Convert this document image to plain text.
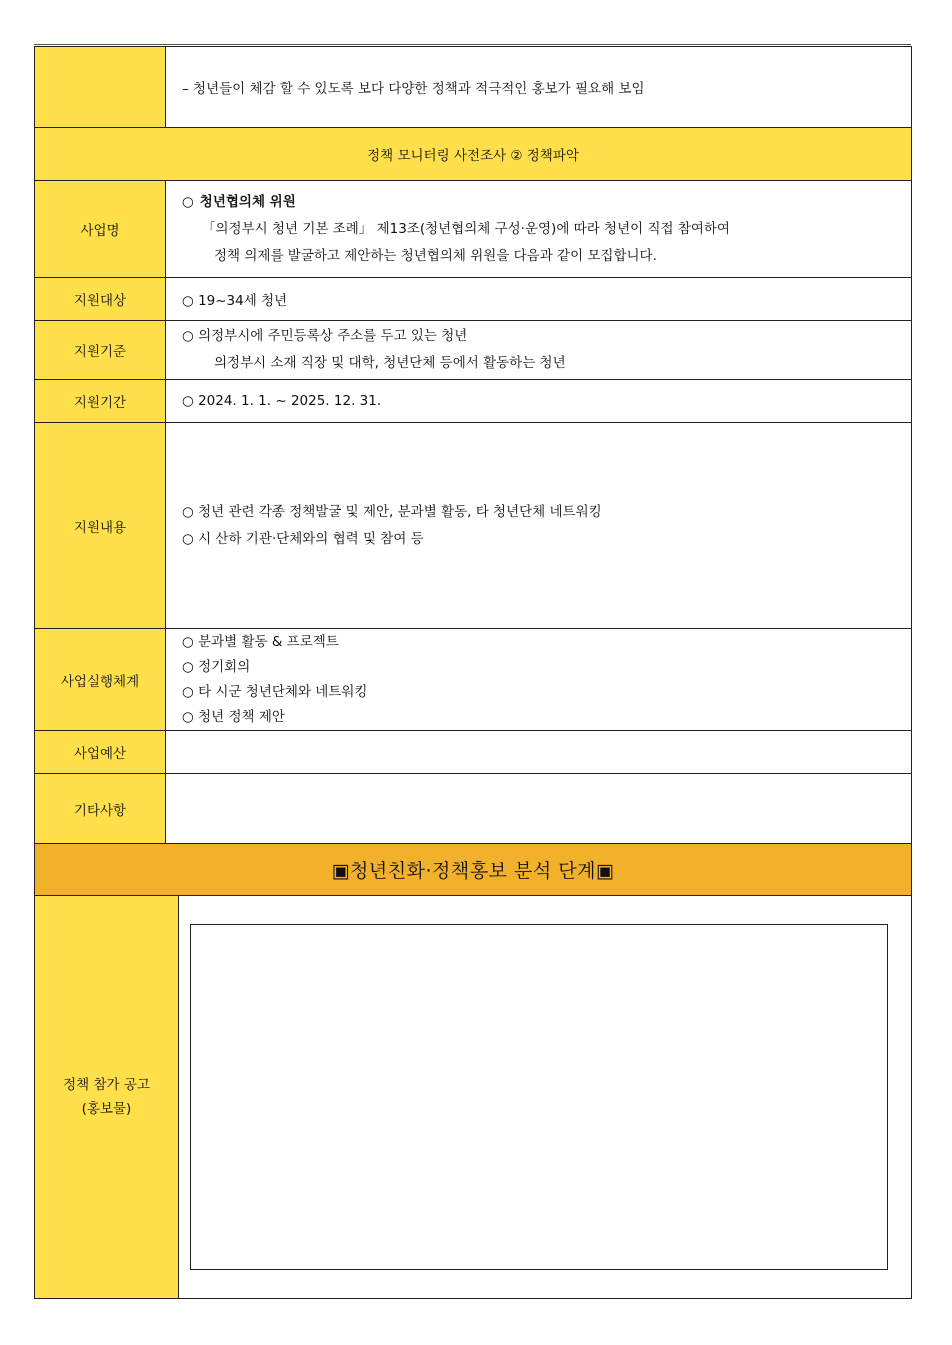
	– 청년들이 체감 할 수 있도록 보다 다양한 정책과 적극적인 홍보가 필요해 보임
정책 모니터링 사전조사 ② 정책파악	
사업명	○ 청년협의체 위원
「의정부시 청년 기본 조례」 제13조(청년협의체 구성·운영)에 따라 청년이 직접 참여하여
정책 의제를 발굴하고 제안하는 청년협의체 위원을 다음과 같이 모집합니다.

지원대상	○ 19~34세 청년
지원기준	○ 의정부시에 주민등록상 주소를 두고 있는 청년
의정부시 소재 직장 및 대학, 청년단체 등에서 활동하는 청년

지원기간	○ 2024. 1. 1. ~ 2025. 12. 31.
지원내용	○ 청년 관련 각종 정책발굴 및 제안, 분과별 활동, 타 청년단체 네트워킹
○ 시 산하 기관·단체와의 협력 및 참여 등

사업실행체계	○ 분과별 활동 & 프로젝트
○ 정기회의
○ 타 시군 청년단체와 네트워킹
○ 청년 정책 제안

사업예산	
기타사항	
▣청년친화·정책홍보 분석 단계▣	
정책 참가 공고
(홍보물)
